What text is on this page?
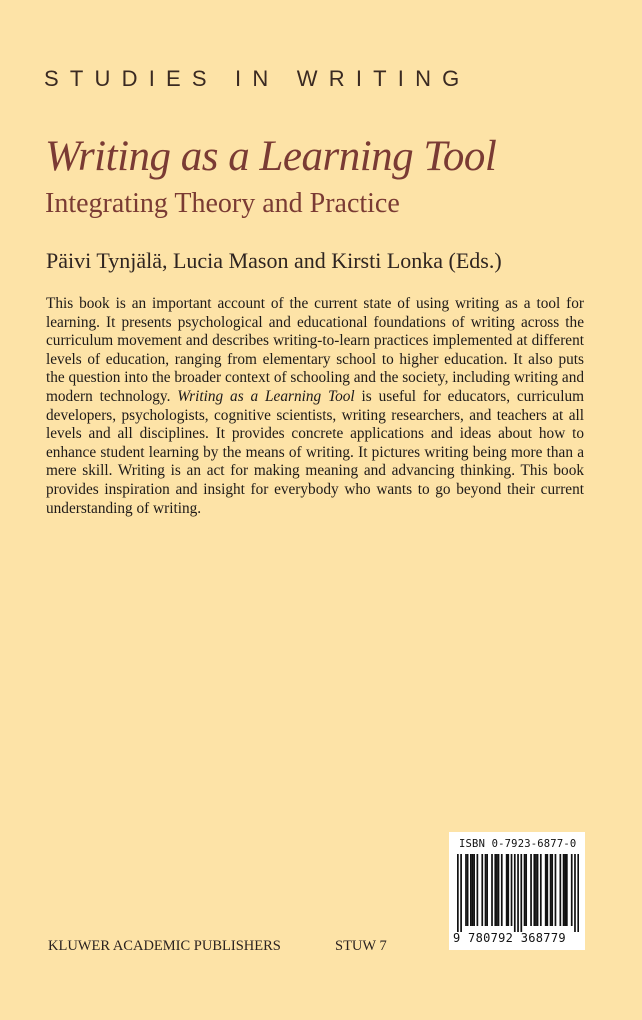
STUDIES IN WRITING
Writing as a Learning Tool
Integrating Theory and Practice
Päivi Tynjälä, Lucia Mason and Kirsti Lonka (Eds.)

This book is an important account of the current state of using writing as a tool for learning. It presents psychological and educational foundations of writing across the curriculum movement and describes writing-to-learn practices implemented at different levels of education, ranging from elementary school to higher education. It also puts the question into the broader context of schooling and the society, including writing and modern technology. Writing as a Learning Tool is useful for educators, curriculum developers, psychologists, cognitive scientists, writing researchers, and teachers at all levels and all disciplines. It provides concrete applications and ideas about how to enhance student learning by the means of writing. It pictures writing being more than a mere skill. Writing is an act for making meaning and advancing thinking. This book provides inspiration and insight for everybody who wants to go beyond their current understanding of writing.

ISBN 0-7923-6877-0
9 780792 368779
KLUWER ACADEMIC PUBLISHERS	STUW 7
